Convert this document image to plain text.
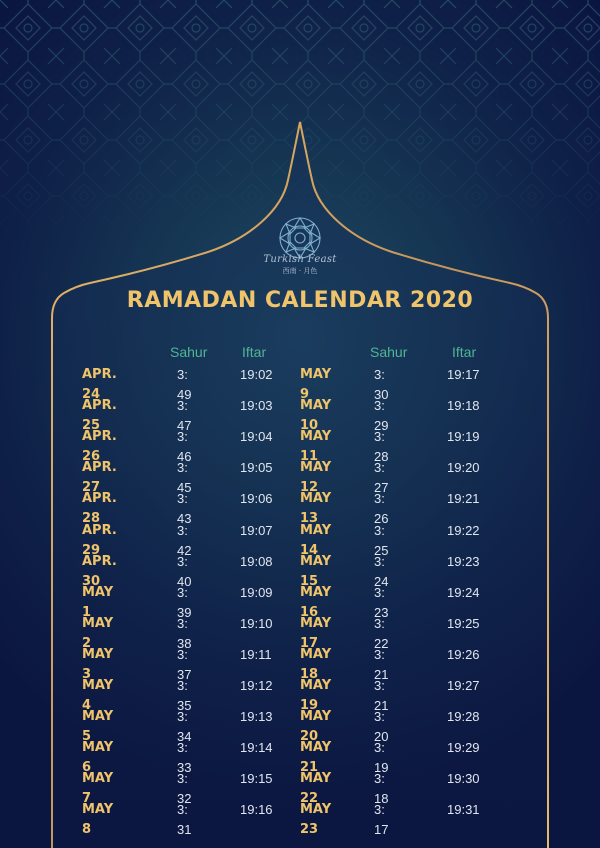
Turkish Feast
西南 · 月色
RAMADAN CALENDAR 2020
Sahur Iftar	Sahur	Iftar
APR. 24
3: 49
19:02
APR. 25
3: 47
19:03
APR. 26
3: 46
19:04
APR. 27
3: 45
19:05
APR. 28
3: 43
19:06
APR. 29
3: 42
19:07
APR. 30
3: 40
19:08
MAY 1
3: 39
19:09
MAY 2
3: 38
19:10
MAY 3
3: 37
19:11
MAY 4
3: 35
19:12
MAY 5
3: 34
19:13
MAY 6
3: 33
19:14
MAY 7
3: 32
19:15
MAY 8
3: 31
19:16
MAY 9
3: 30
19:17
MAY 10
3: 29
19:18
MAY 11
3: 28
19:19
MAY 12
3: 27
19:20
MAY 13
3: 26
19:21
MAY 14
3: 25
19:22
MAY 15
3: 24
19:23
MAY 16
3: 23
19:24
MAY 17
3: 22
19:25
MAY 18
3: 21
19:26
MAY 19
3: 21
19:27
MAY 20
3: 20
19:28
MAY 21
3: 19
19:29
MAY 22
3: 18
19:30
MAY 23
3: 17
19:31
